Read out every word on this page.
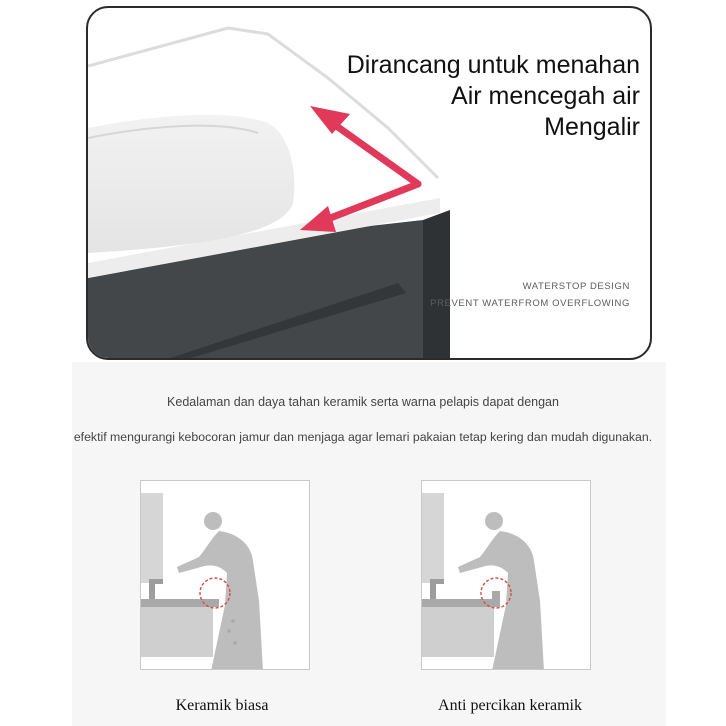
Dirancang untuk menahan
Air mencegah air
Mengalir
WATERSTOP DESIGN
PREVENT WATERFROM OVERFLOWING

Kedalaman dan daya tahan keramik serta warna pelapis dapat dengan

efektif mengurangi kebocoran jamur dan menjaga agar lemari pakaian tetap kering dan mudah digunakan.

Keramik biasa	Anti percikan keramik
